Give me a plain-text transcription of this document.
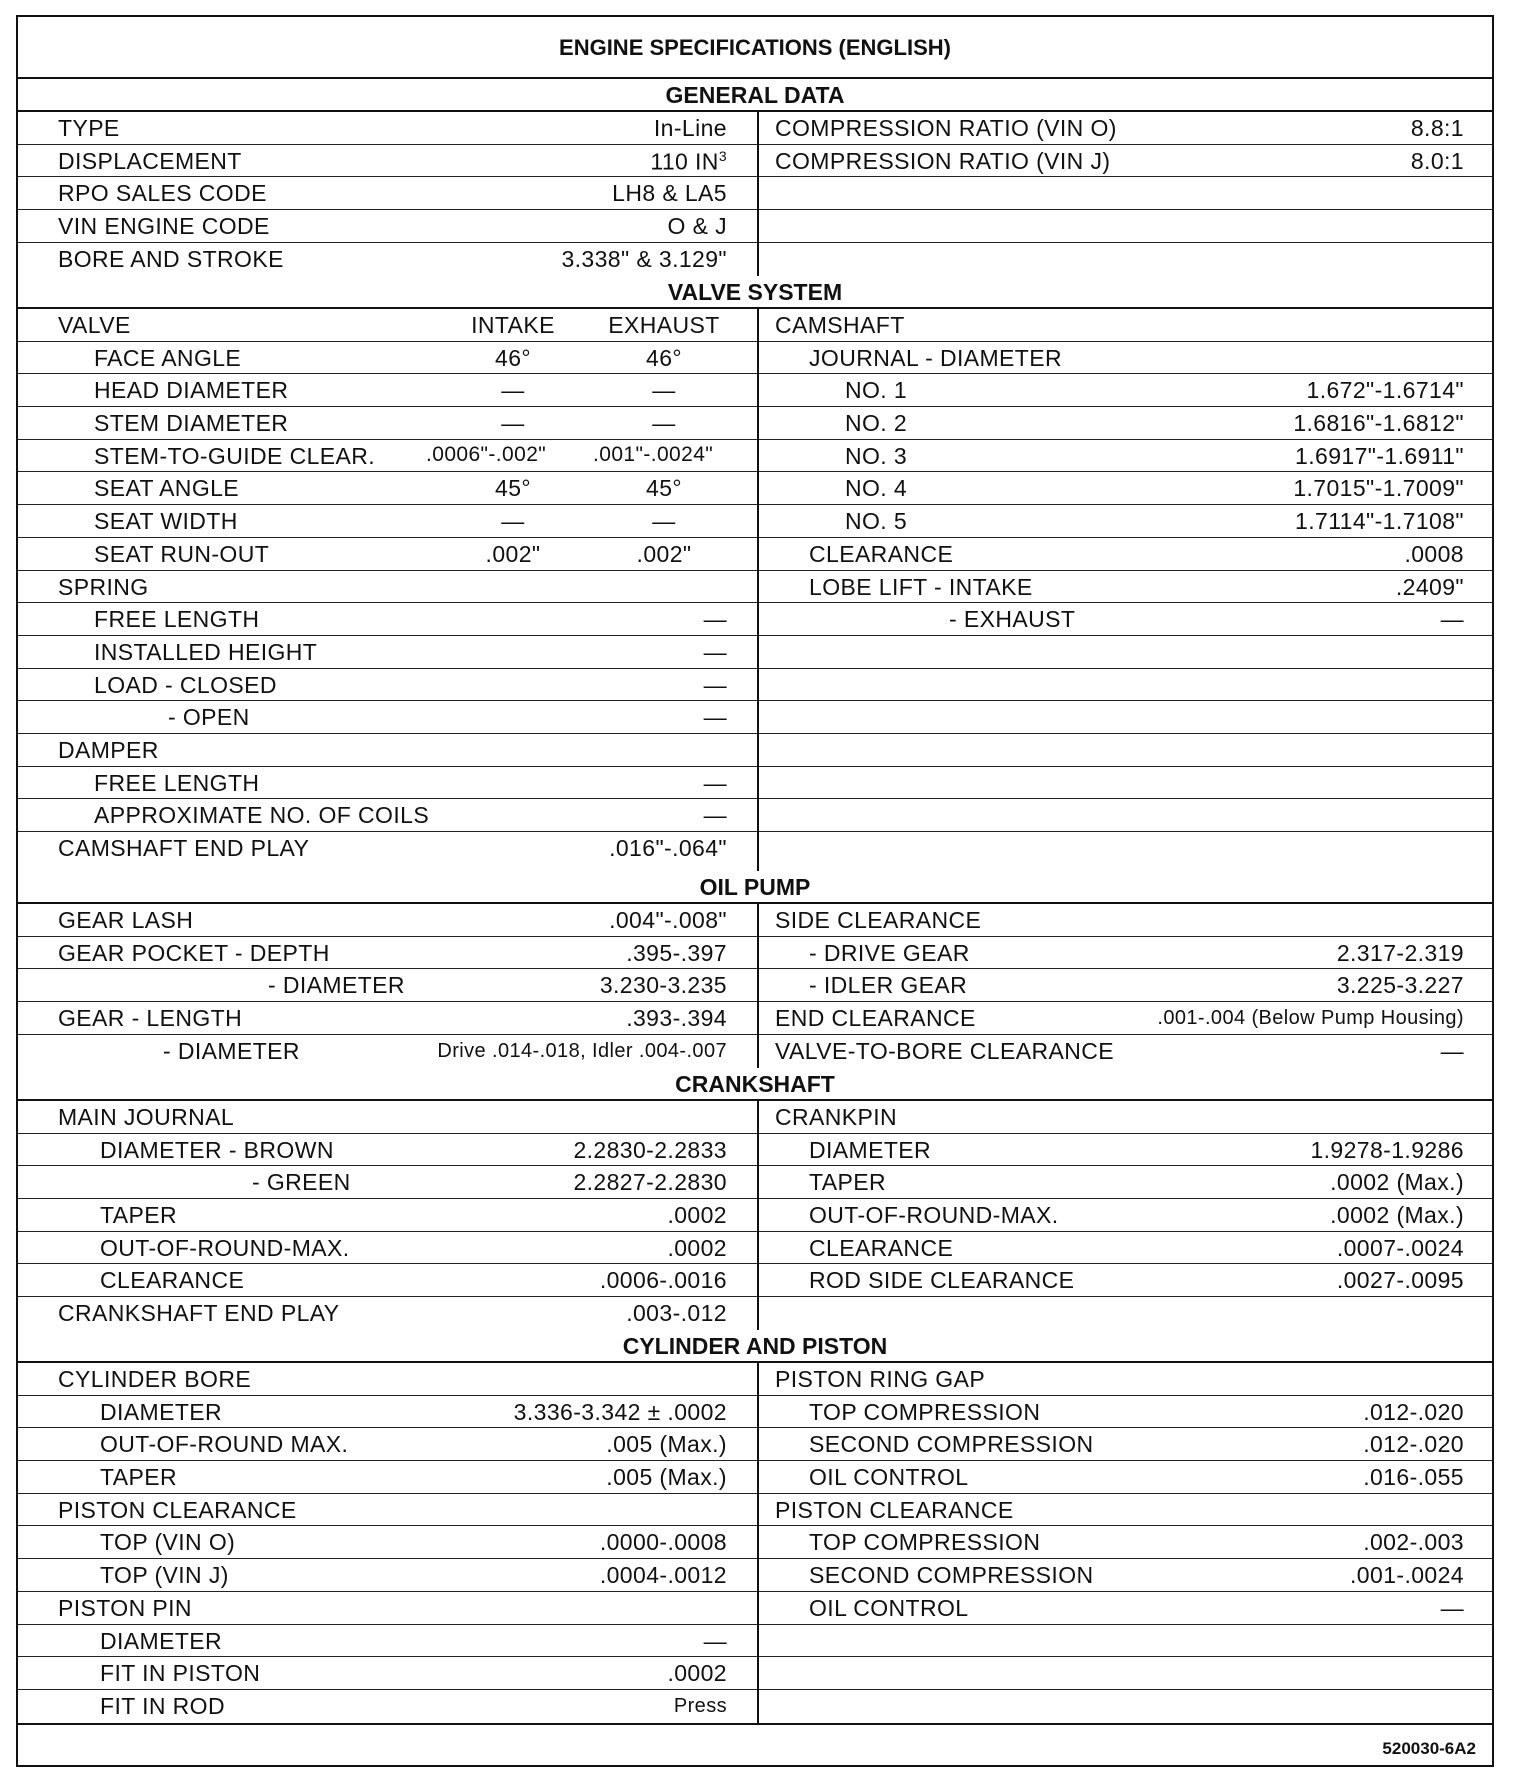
ENGINE SPECIFICATIONS (ENGLISH)
GENERAL DATA
TYPE	In-Line
DISPLACEMENT	110 $IN^3$
RPO SALES CODE	LH8 & LA5
VIN ENGINE CODE	O & J
BORE AND STROKE	3.338" & 3.129"
COMPRESSION RATIO (VIN O)	8.8:1
COMPRESSION RATIO (VIN J)	8.0:1
VALVE SYSTEM
VALVE	INTAKE	EXHAUST
FACE ANGLE	46°	46°
HEAD DIAMETER	—	—
STEM DIAMETER	—	—
STEM-TO-GUIDE CLEAR. .0006"-.002" .001"-.0024"
SEAT ANGLE	45°	45°
SEAT WIDTH	—	—
SEAT RUN-OUT	.002"	.002"
SPRING
FREE LENGTH	—
INSTALLED HEIGHT	—
LOAD - CLOSED	—
- OPEN	—
DAMPER
FREE LENGTH	—
APPROXIMATE NO. OF COILS	—
CAMSHAFT END PLAY	.016"-.064"
CAMSHAFT
JOURNAL - DIAMETER
NO. 1	1.672"-1.6714"
NO. 2	1.6816"-1.6812"
NO. 3	1.6917"-1.6911"
NO. 4	1.7015"-1.7009"
NO. 5	1.7114"-1.7108"
CLEARANCE	.0008
LOBE LIFT - INTAKE	.2409"
- EXHAUST	—
OIL PUMP
GEAR LASH	.004"-.008"
GEAR POCKET - DEPTH	.395-.397
- DIAMETER	3.230-3.235
GEAR - LENGTH	.393-.394
- DIAMETER	Drive .014-.018, Idler .004-.007
SIDE CLEARANCE
- DRIVE GEAR	2.317-2.319
- IDLER GEAR	3.225-3.227
END CLEARANCE	.001-.004 (Below Pump Housing)
VALVE-TO-BORE CLEARANCE	—
CRANKSHAFT
MAIN JOURNAL
DIAMETER - BROWN	2.2830-2.2833
- GREEN	2.2827-2.2830
TAPER	.0002
OUT-OF-ROUND-MAX.	.0002
CLEARANCE	.0006-.0016
CRANKSHAFT END PLAY	.003-.012
CRANKPIN
DIAMETER	1.9278-1.9286
TAPER	.0002 (Max.)
OUT-OF-ROUND-MAX.	.0002 (Max.)
CLEARANCE	.0007-.0024
ROD SIDE CLEARANCE	.0027-.0095
CYLINDER AND PISTON
CYLINDER BORE
DIAMETER	3.336-3.342 ± .0002
OUT-OF-ROUND MAX.	.005 (Max.)
TAPER	.005 (Max.)
PISTON CLEARANCE
TOP (VIN O)	.0000-.0008
TOP (VIN J)	.0004-.0012
PISTON PIN
DIAMETER	—
FIT IN PISTON	.0002
FIT IN ROD	Press
PISTON RING GAP
TOP COMPRESSION	.012-.020
SECOND COMPRESSION	.012-.020
OIL CONTROL	.016-.055
PISTON CLEARANCE
TOP COMPRESSION	.002-.003
SECOND COMPRESSION	.001-.0024
OIL CONTROL	—
520030-6A2
